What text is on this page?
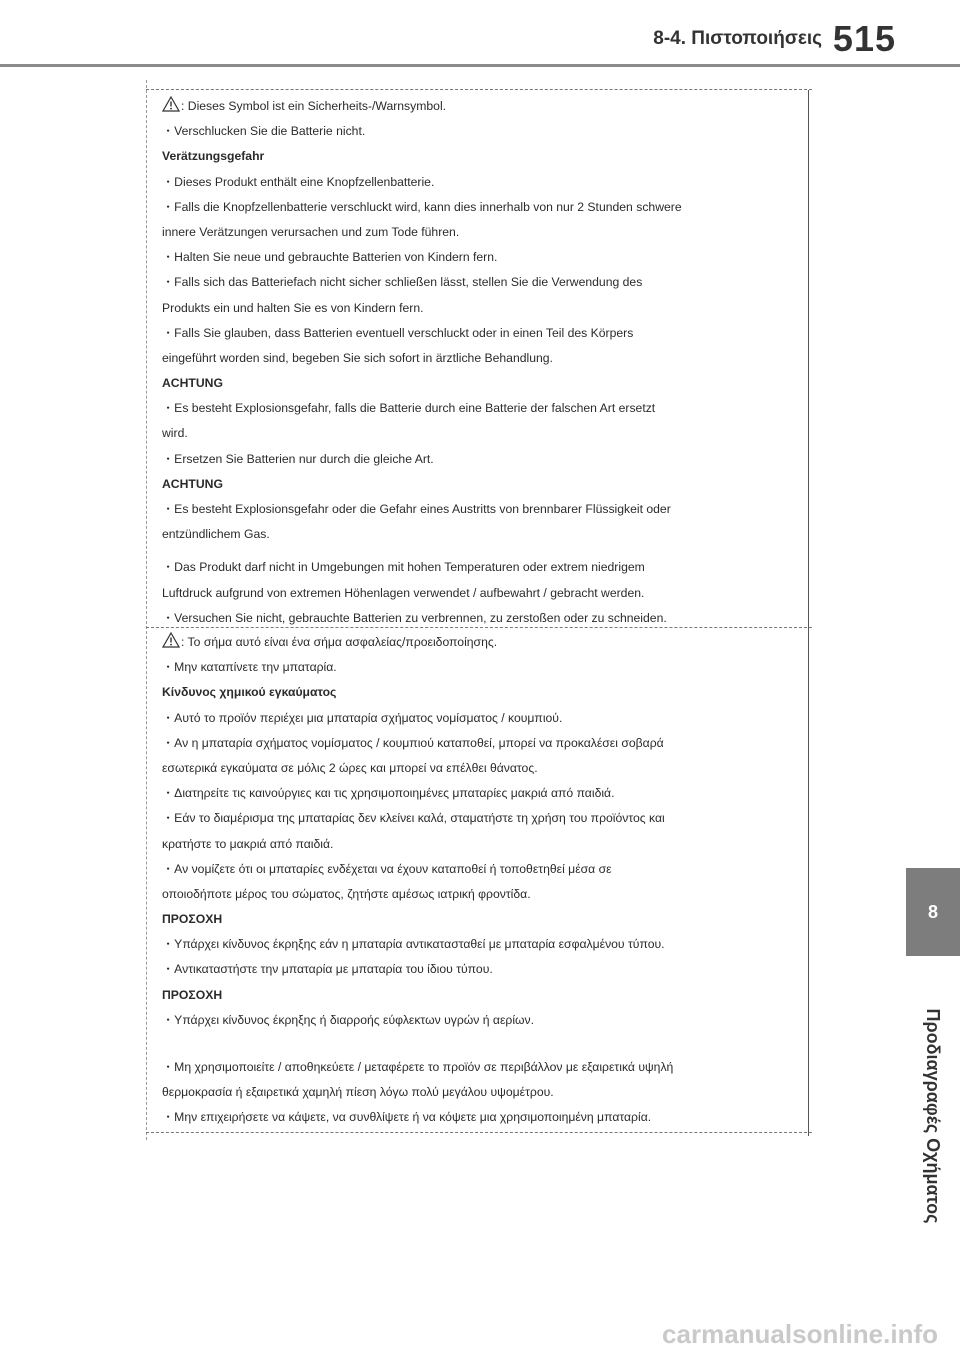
8-4. Πιστοποιήσεις 515
8
Προδιαγραφές Οχήματος
: Dieses Symbol ist ein Sicherheits-/Warnsymbol.
・Verschlucken Sie die Batterie nicht.
Verätzungsgefahr
・Dieses Produkt enthält eine Knopfzellenbatterie.
・Falls die Knopfzellenbatterie verschluckt wird, kann dies innerhalb von nur 2 Stunden schwere
innere Verätzungen verursachen und zum Tode führen.
・Halten Sie neue und gebrauchte Batterien von Kindern fern.
・Falls sich das Batteriefach nicht sicher schließen lässt, stellen Sie die Verwendung des
Produkts ein und halten Sie es von Kindern fern.
・Falls Sie glauben, dass Batterien eventuell verschluckt oder in einen Teil des Körpers
eingeführt worden sind, begeben Sie sich sofort in ärztliche Behandlung.
ACHTUNG
・Es besteht Explosionsgefahr, falls die Batterie durch eine Batterie der falschen Art ersetzt
wird.
・Ersetzen Sie Batterien nur durch die gleiche Art.
ACHTUNG
・Es besteht Explosionsgefahr oder die Gefahr eines Austritts von brennbarer Flüssigkeit oder
entzündlichem Gas.
・Das Produkt darf nicht in Umgebungen mit hohen Temperaturen oder extrem niedrigem
Luftdruck aufgrund von extremen Höhenlagen verwendet / aufbewahrt / gebracht werden.
・Versuchen Sie nicht, gebrauchte Batterien zu verbrennen, zu zerstoßen oder zu schneiden.
: Το σήμα αυτό είναι ένα σήμα ασφαλείας/προειδοποίησης.
・Μην καταπίνετε την μπαταρία.
Κίνδυνος χημικού εγκαύματος
・Αυτό το προϊόν περιέχει μια μπαταρία σχήματος νομίσματος / κουμπιού.
・Αν η μπαταρία σχήματος νομίσματος / κουμπιού καταποθεί, μπορεί να προκαλέσει σοβαρά
εσωτερικά εγκαύματα σε μόλις 2 ώρες και μπορεί να επέλθει θάνατος.
・Διατηρείτε τις καινούργιες και τις χρησιμοποιημένες μπαταρίες μακριά από παιδιά.
・Εάν το διαμέρισμα της μπαταρίας δεν κλείνει καλά, σταματήστε τη χρήση του προϊόντος και
κρατήστε το μακριά από παιδιά.
・Αν νομίζετε ότι οι μπαταρίες ενδέχεται να έχουν καταποθεί ή τοποθετηθεί μέσα σε
οποιοδήποτε μέρος του σώματος, ζητήστε αμέσως ιατρική φροντίδα.
ΠΡΟΣΟΧΗ
・Υπάρχει κίνδυνος έκρηξης εάν η μπαταρία αντικατασταθεί με μπαταρία εσφαλμένου τύπου.
・Αντικαταστήστε την μπαταρία με μπαταρία του ίδιου τύπου.
ΠΡΟΣΟΧΗ
・Υπάρχει κίνδυνος έκρηξης ή διαρροής εύφλεκτων υγρών ή αερίων.
・Μη χρησιμοποιείτε / αποθηκεύετε / μεταφέρετε το προϊόν σε περιβάλλον με εξαιρετικά υψηλή
θερμοκρασία ή εξαιρετικά χαμηλή πίεση λόγω πολύ μεγάλου υψομέτρου.
・Μην επιχειρήσετε να κάψετε, να συνθλίψετε ή να κόψετε μια χρησιμοποιημένη μπαταρία.
carmanualsonline.info
